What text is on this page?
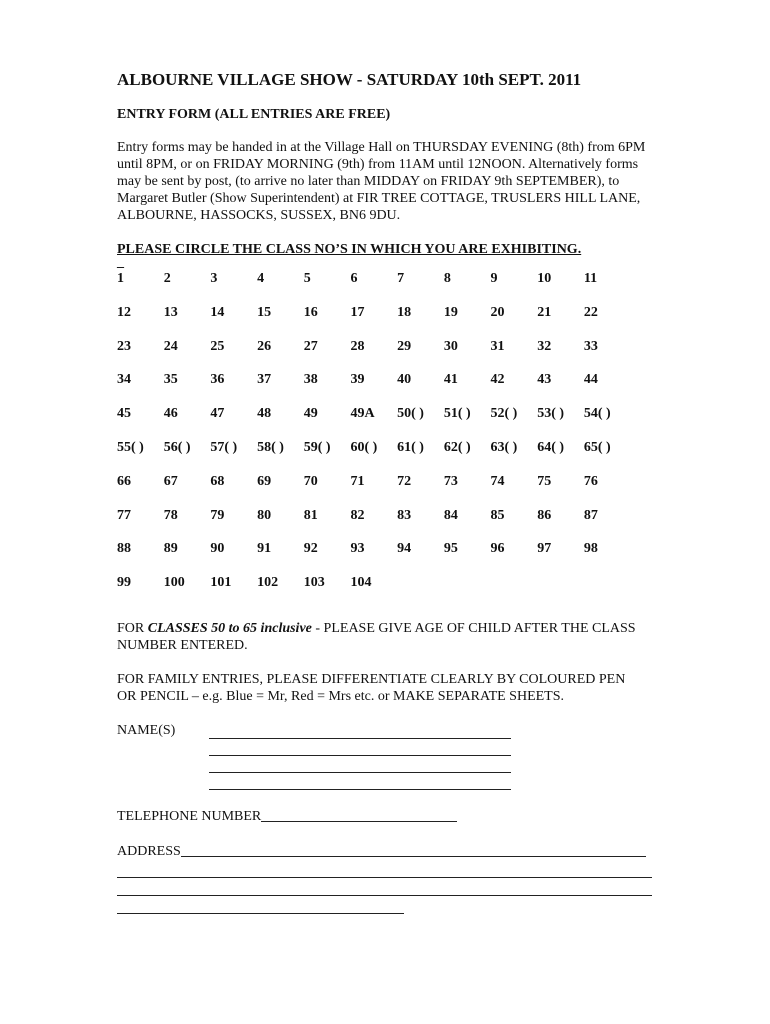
ALBOURNE VILLAGE SHOW - SATURDAY 10th SEPT. 2011
ENTRY FORM (ALL ENTRIES ARE FREE)

Entry forms may be handed in at the Village Hall on THURSDAY EVENING (8th) from 6PM until 8PM, or on FRIDAY MORNING (9th) from 11AM until 12NOON. Alternatively forms may be sent by post, (to arrive no later than MIDDAY on FRIDAY 9th SEPTEMBER), to Margaret Butler (Show Superintendent) at FIR TREE COTTAGE, TRUSLERS HILL LANE, ALBOURNE, HASSOCKS, SUSSEX, BN6 9DU.

PLEASE CIRCLE THE CLASS NO’S IN WHICH YOU ARE EXHIBITING.
_
1	2	3	4	5	6	7	8	9	10	11
12	13	14	15	16	17	18	19	20	21	22
23	24	25	26	27	28	29	30	31	32	33
34	35	36	37	38	39	40	41	42	43	44
45	46	47	48	49	49A	50( )	51( )	52( )	53( )	54( )
55( )	56( )	57( )	58( )	59( )	60( )	61( )	62( )	63( )	64( )	65( )
66	67	68	69	70	71	72	73	74	75	76
77	78	79	80	81	82	83	84	85	86	87
88	89	90	91	92	93	94	95	96	97	98
99	100	101	102	103	104

FOR CLASSES 50 to 65 inclusive - PLEASE GIVE AGE OF CHILD AFTER THE CLASS NUMBER ENTERED.

FOR FAMILY ENTRIES, PLEASE DIFFERENTIATE CLEARLY BY COLOURED PEN OR PENCIL – e.g. Blue = Mr, Red = Mrs etc. or MAKE SEPARATE SHEETS.

NAME(S)
TELEPHONE NUMBER
ADDRESS
